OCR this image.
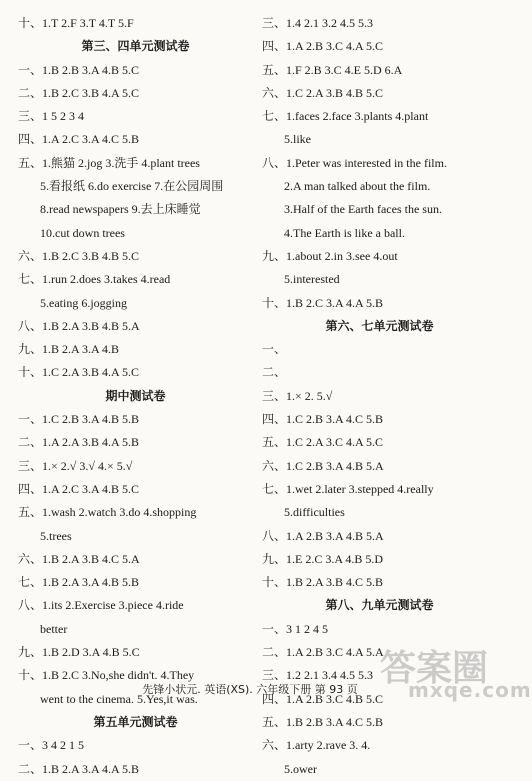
十、1.T 2.F 3.T 4.T 5.F
第三、四单元测试卷
一、1.B 2.B 3.A 4.B 5.C
二、1.B 2.C 3.B 4.A 5.C
三、1 5 2 3 4
四、1.A 2.C 3.A 4.C 5.B
五、1.熊猫 2.jog 3.洗手 4.plant trees
5.看报纸 6.do exercise 7.在公园周围
8.read newspapers 9.去上床睡觉
10.cut down trees
六、1.B 2.C 3.B 4.B 5.C
七、1.run 2.does 3.takes 4.read
5.eating 6.jogging
八、1.B 2.A 3.B 4.B 5.A
九、1.B 2.A 3.A 4.B
十、1.C 2.A 3.B 4.A 5.C
期中测试卷
一、1.C 2.B 3.A 4.B 5.B
二、1.A 2.A 3.B 4.A 5.B
三、1.× 2.√ 3.√ 4.× 5.√
四、1.A 2.C 3.A 4.B 5.C
五、1.wash 2.watch 3.do 4.shopping
5.trees
六、1.B 2.A 3.B 4.C 5.A
七、1.B 2.A 3.A 4.B 5.B
八、1.its 2.Exercise 3.piece 4.ride
better
九、1.B 2.D 3.A 4.B 5.C
十、1.B 2.C 3.No,she didn't. 4.They
went to the cinema. 5.Yes,it was.
第五单元测试卷
一、3 4 2 1 5
二、1.B 2.A 3.A 4.A 5.B
三、1.4 2.1 3.2 4.5 5.3
四、1.A 2.B 3.C 4.A 5.C
五、1.F 2.B 3.C 4.E 5.D 6.A
六、1.C 2.A 3.B 4.B 5.C
七、1.faces 2.face 3.plants 4.plant
5.like
八、1.Peter was interested in the film.
2.A man talked about the film.
3.Half of the Earth faces the sun.
4.The Earth is like a ball.
九、1.about 2.in 3.see 4.out
5.interested
十、1.B 2.C 3.A 4.A 5.B
第六、七单元测试卷
一、
二、
三、1.× 2. 5.√
四、1.C 2.B 3.A 4.C 5.B
五、1.C 2.A 3.C 4.A 5.C
六、1.C 2.B 3.A 4.B 5.A
七、1.wet 2.later 3.stepped 4.really
5.difficulties
八、1.A 2.B 3.A 4.B 5.A
九、1.E 2.C 3.A 4.B 5.D
十、1.B 2.A 3.B 4.C 5.B
第八、九单元测试卷
一、3 1 2 4 5
二、1.A 2.B 3.C 4.A 5.A
三、1.2 2.1 3.4 4.5 5.3
四、1.A 2.B 3.C 4.B 5.C
五、1.B 2.B 3.A 4.C 5.B
六、1.arty 2.rave 3. 4.
5.ower
先锋小状元. 英语(XS). 六年级下册 第 93 页
答案圈
mxqe.com
